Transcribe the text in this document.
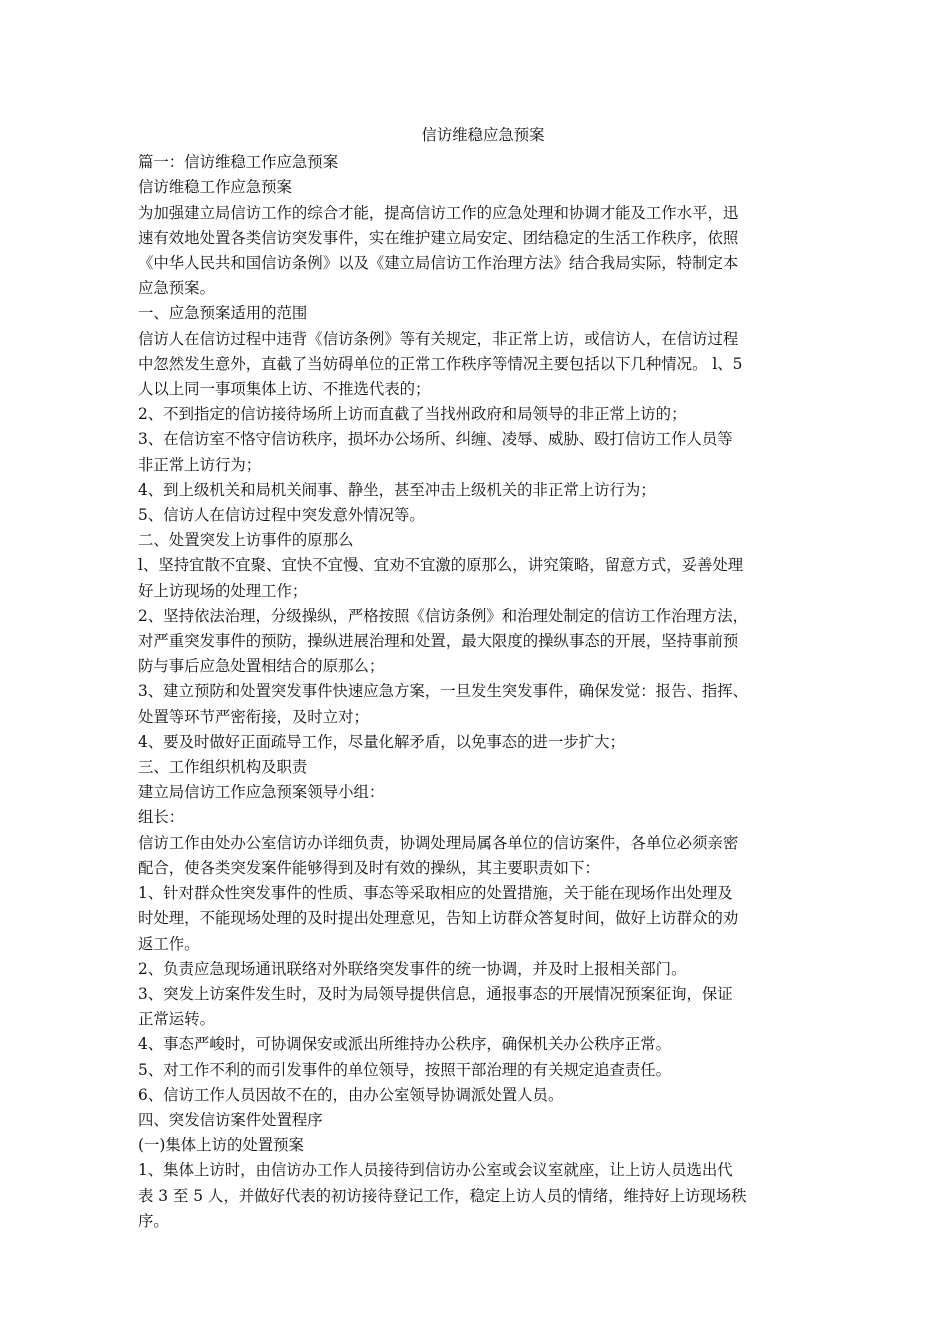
信访维稳应急预案
篇一：信访维稳工作应急预案
信访维稳工作应急预案
为加强建立局信访工作的综合才能，提高信访工作的应急处理和协调才能及工作水平，迅
速有效地处置各类信访突发事件，实在维护建立局安定、团结稳定的生活工作秩序，依照
《中华人民共和国信访条例》以及《建立局信访工作治理方法》结合我局实际，特制定本
应急预案。
一、应急预案适用的范围
信访人在信访过程中违背《信访条例》等有关规定，非正常上访，或信访人，在信访过程
中忽然发生意外，直截了当妨碍单位的正常工作秩序等情况主要包括以下几种情况。 l、5
人以上同一事项集体上访、不推选代表的；
2、不到指定的信访接待场所上访而直截了当找州政府和局领导的非正常上访的；
3、在信访室不恪守信访秩序，损坏办公场所、纠缠、凌辱、威胁、殴打信访工作人员等
非正常上访行为；
4、到上级机关和局机关闹事、静坐，甚至冲击上级机关的非正常上访行为；
5、信访人在信访过程中突发意外情况等。
二、处置突发上访事件的原那么
l、坚持宜散不宜聚、宜快不宜慢、宜劝不宜激的原那么，讲究策略，留意方式，妥善处理
好上访现场的处理工作；
2、坚持依法治理，分级操纵，严格按照《信访条例》和治理处制定的信访工作治理方法，
对严重突发事件的预防，操纵进展治理和处置，最大限度的操纵事态的开展，坚持事前预
防与事后应急处置相结合的原那么；
3、建立预防和处置突发事件快速应急方案，一旦发生突发事件，确保发觉：报告、指挥、
处置等环节严密衔接，及时立对；
4、要及时做好正面疏导工作，尽量化解矛盾，以免事态的进一步扩大；
三、工作组织机构及职责
建立局信访工作应急预案领导小组：
组长：
信访工作由处办公室信访办详细负责，协调处理局属各单位的信访案件，各单位必须亲密
配合，使各类突发案件能够得到及时有效的操纵，其主要职责如下：
1、针对群众性突发事件的性质、事态等采取相应的处置措施，关于能在现场作出处理及
时处理，不能现场处理的及时提出处理意见，告知上访群众答复时间，做好上访群众的劝
返工作。
2、负责应急现场通讯联络对外联络突发事件的统一协调，并及时上报相关部门。
3、突发上访案件发生时，及时为局领导提供信息，通报事态的开展情况预案征询，保证
正常运转。
4、事态严峻时，可协调保安或派出所维持办公秩序，确保机关办公秩序正常。
5、对工作不利的而引发事件的单位领导，按照干部治理的有关规定追查责任。
6、信访工作人员因故不在的，由办公室领导协调派处置人员。
四、突发信访案件处置程序
(一)集体上访的处置预案
1、集体上访时，由信访办工作人员接待到信访办公室或会议室就座，让上访人员选出代
表 3 至 5 人，并做好代表的初访接待登记工作，稳定上访人员的情绪，维持好上访现场秩
序。
